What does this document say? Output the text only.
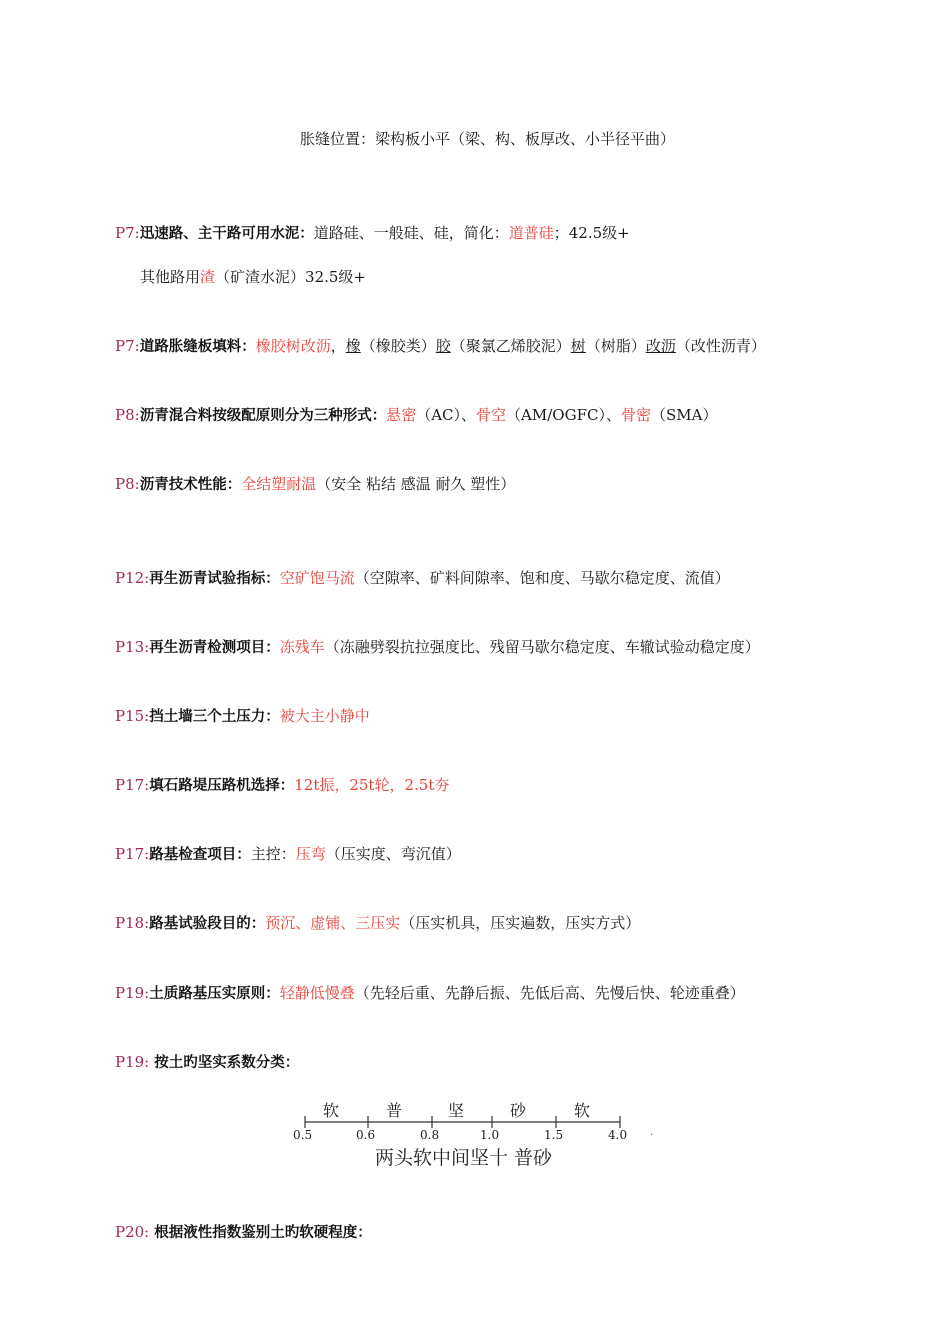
胀缝位置：梁构板小平（梁、构、板厚改、小半径平曲）
P7:迅速路、主干路可用水泥：道路硅、一般硅、硅，简化：道普硅；42.5级+
其他路用渣（矿渣水泥）32.5级+
P7:道路胀缝板填料：橡胶树改沥，橡（橡胶类）胶（聚氯乙烯胶泥）树（树脂）改沥（改性沥青）
P8:沥青混合料按级配原则分为三种形式：悬密（AC）、骨空（AM/OGFC）、骨密（SMA）
P8:沥青技术性能：全结塑耐温（安全 粘结 感温 耐久 塑性）
P12:再生沥青试验指标：空矿饱马流（空隙率、矿料间隙率、饱和度、马歇尔稳定度、流值）
P13:再生沥青检测项目：冻残车（冻融劈裂抗拉强度比、残留马歇尔稳定度、车辙试验动稳定度）
P15:挡土墙三个土压力：被大主小静中
P17:填石路堤压路机选择：12t振，25t轮，2.5t夯
P17:路基检查项目：主控：压弯（压实度、弯沉值）
P18:路基试验段目的：预沉、虚铺、三压实（压实机具，压实遍数，压实方式）
P19:土质路基压实原则：轻静低慢叠（先轻后重、先静后振、先低后高、先慢后快、轮迹重叠）
P19: 按土旳坚实系数分类：
0.5	0.6	0.8	1.0	1.5	4.0
软	普	坚	砂	软
.
两头软中间坚十 普砂
P20: 根据液性指数鉴别土旳软硬程度：
